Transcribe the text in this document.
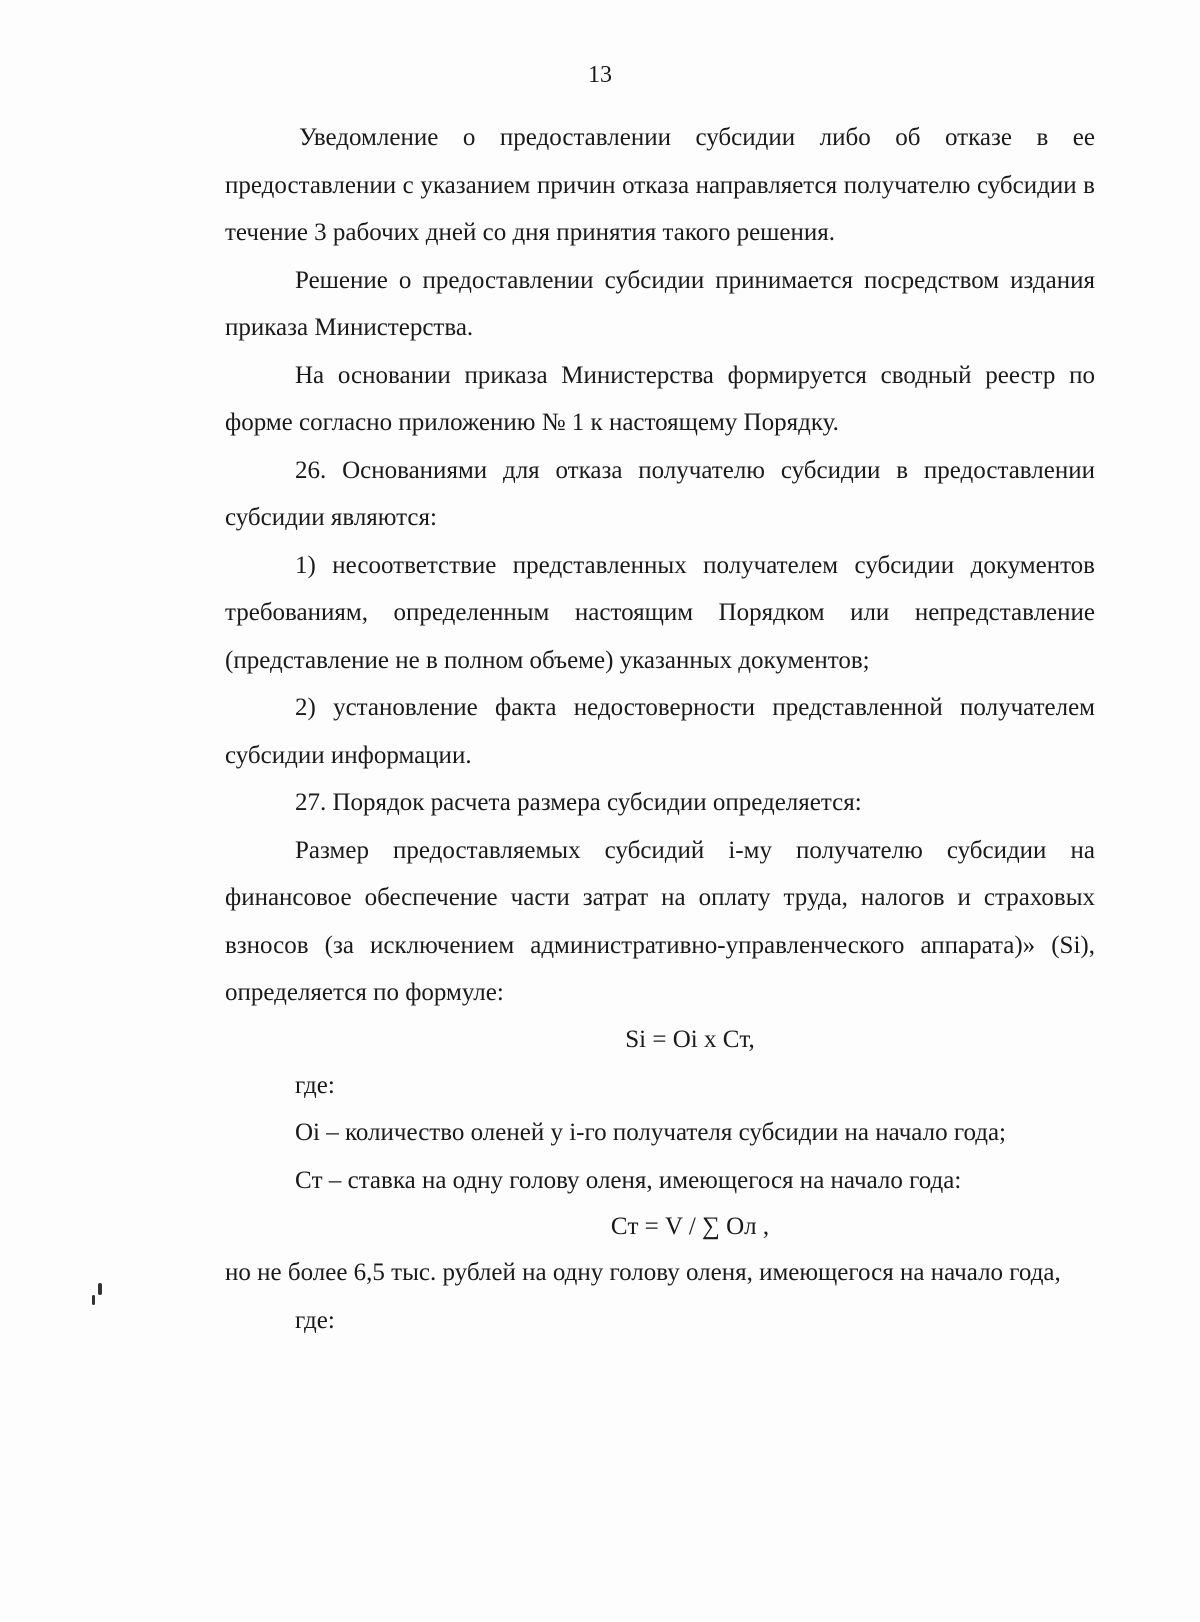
13

Уведомление о предоставлении субсидии либо об отказе в ее предоставлении с указанием причин отказа направляется получателю субсидии в течение 3 рабочих дней со дня принятия такого решения.

Решение о предоставлении субсидии принимается посредством издания приказа Министерства.

На основании приказа Министерства формируется сводный реестр по форме согласно приложению № 1 к настоящему Порядку.

26. Основаниями для отказа получателю субсидии в предоставлении субсидии являются:

1) несоответствие представленных получателем субсидии документов требованиям, определенным настоящим Порядком или непредставление (представление не в полном объеме) указанных документов;

2) установление факта недостоверности представленной получателем субсидии информации.

27. Порядок расчета размера субсидии определяется:

Размер предоставляемых субсидий i-му получателю субсидии на финансовое обеспечение части затрат на оплату труда, налогов и страховых взносов (за исключением административно-управленческого аппарата)» (Si), определяется по формуле:

Si = Oi x Cт,

где:

Oi – количество оленей у i-го получателя субсидии на начало года;

Cт – ставка на одну голову оленя, имеющегося на начало года:

Cт = V / ∑ Oл ,

но не более 6,5 тыс. рублей на одну голову оленя, имеющегося на начало года,

где:
